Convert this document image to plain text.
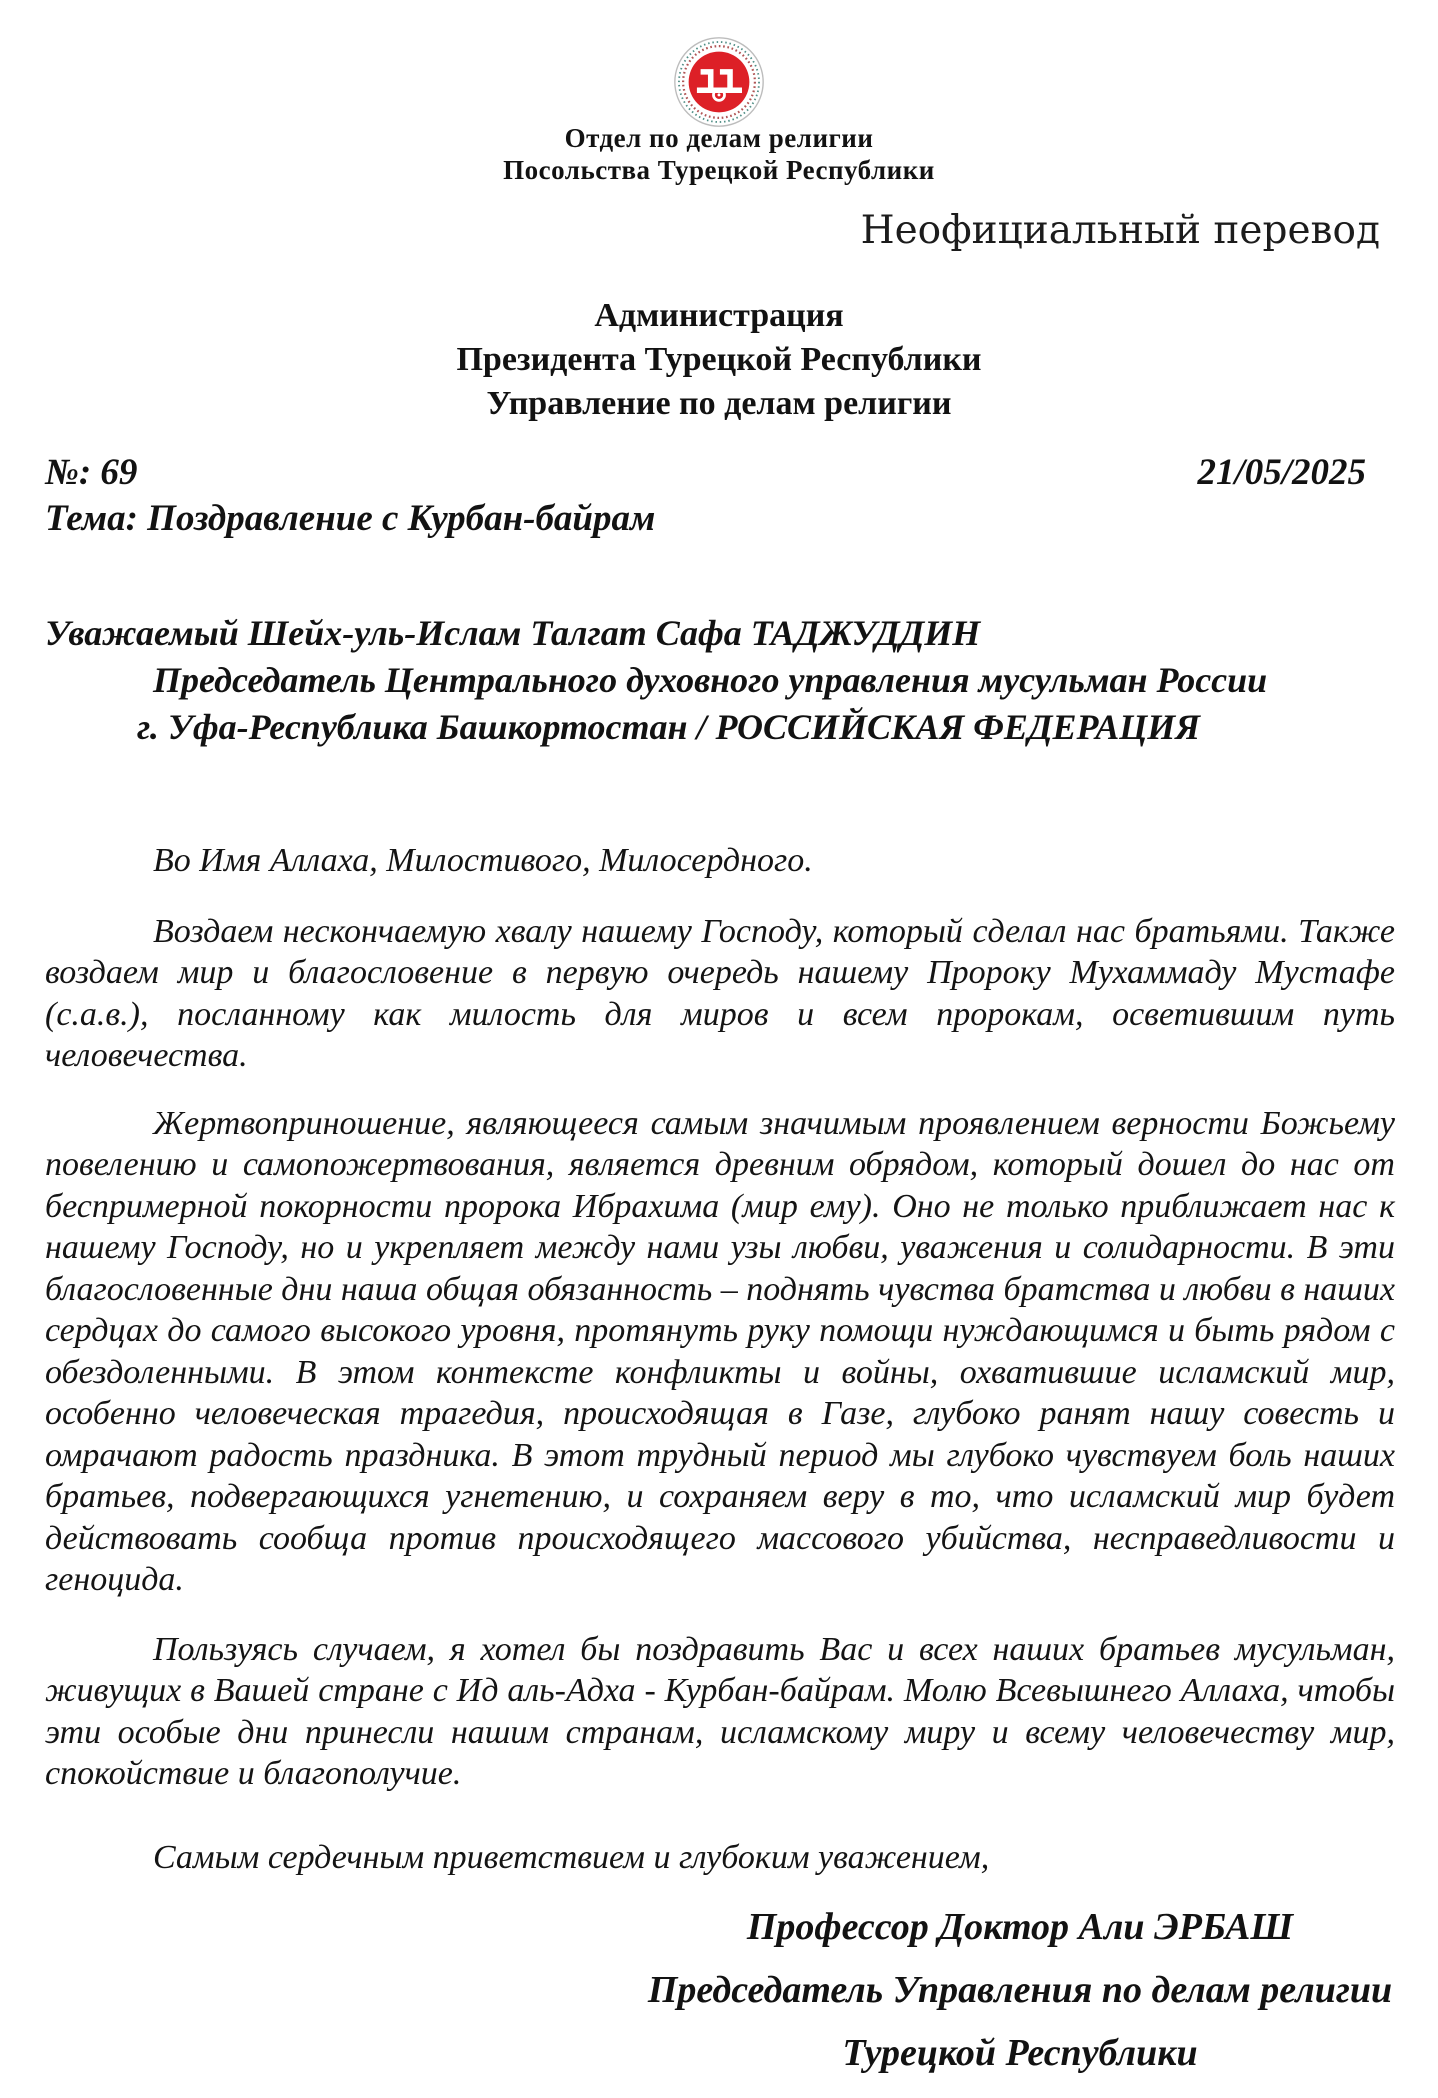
Отдел по делам религии
Посольства Турецкой Республики
Неофициальный перевод
Администрация
Президента Турецкой Республики
Управление по делам религии
№: 69	21/05/2025
Тема: Поздравление с Курбан-байрам
Уважаемый Шейх-уль-Ислам Талгат Сафа ТАДЖУДДИН
Председатель Центрального духовного управления мусульман России
г. Уфа-Республика Башкортостан / РОССИЙСКАЯ ФЕДЕРАЦИЯ

Во Имя Аллаха, Милостивого, Милосердного.

Воздаем нескончаемую хвалу нашему Господу, который сделал нас братьями. Также воздаем мир и благословение в первую очередь нашему Пророку Мухаммаду Мустафе (с.а.в.), посланному как милость для миров и всем пророкам, осветившим путь человечества.

Жертвоприношение, являющееся самым значимым проявлением верности Божьему повелению и самопожертвования, является древним обрядом, который дошел до нас от беспримерной покорности пророка Ибрахима (мир ему). Оно не только приближает нас к нашему Господу, но и укрепляет между нами узы любви, уважения и солидарности. В эти благословенные дни наша общая обязанность – поднять чувства братства и любви в наших сердцах до самого высокого уровня, протянуть руку помощи нуждающимся и быть рядом с обездоленными. В этом контексте конфликты и войны, охватившие исламский мир, особенно человеческая трагедия, происходящая в Газе, глубоко ранят нашу совесть и омрачают радость праздника. В этот трудный период мы глубоко чувствуем боль наших братьев, подвергающихся угнетению, и сохраняем веру в то, что исламский мир будет действовать сообща против происходящего массового убийства, несправедливости и геноцида.

Пользуясь случаем, я хотел бы поздравить Вас и всех наших братьев мусульман, живущих в Вашей стране с Ид аль-Адха - Курбан-байрам. Молю Всевышнего Аллаха, чтобы эти особые дни принесли нашим странам, исламскому миру и всему человечеству мир, спокойствие и благополучие.

Самым сердечным приветствием и глубоким уважением,

Профессор Доктор Али ЭРБАШ
Председатель Управления по делам религии
Турецкой Республики
